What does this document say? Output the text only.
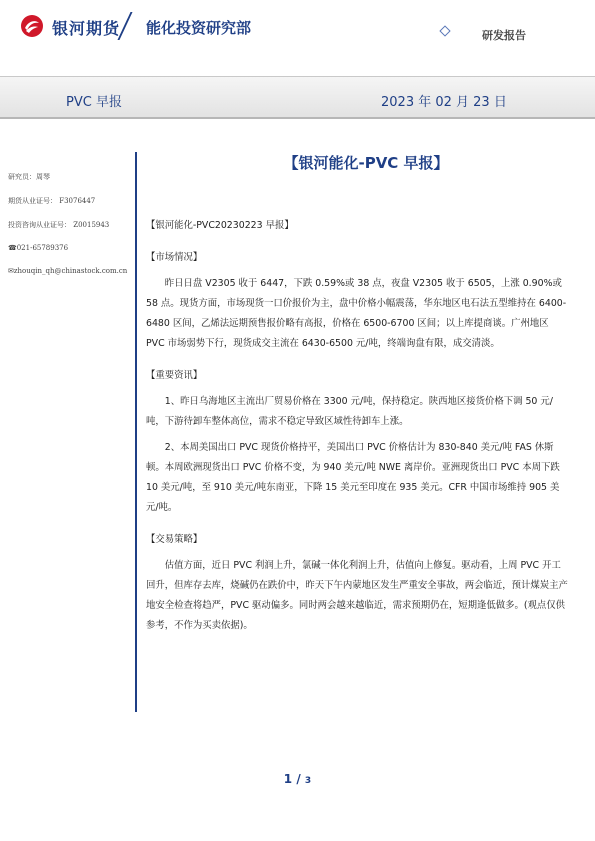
银河期货 能化投资研究部	研发报告
PVC 早报	2023 年 02 月 23 日
研究员：周琴
期货从业证号： F3076447
投资咨询从业证号： Z0015943
☎021-65789376
✉zhouqin_qh@chinastock.com.cn
【银河能化-PVC 早报】

【银河能化-PVC20230223 早报】

【市场情况】

昨日日盘 V2305 收于 6447，下跌 0.59%或 38 点，夜盘 V2305 收于 6505，上涨 0.90%或 58 点。现货方面，市场现货一口价报价为主，盘中价格小幅震荡，华东地区电石法五型维持在 6400-6480 区间，乙烯法远期预售报价略有高报，价格在 6500-6700 区间；以上库提商谈。广州地区 PVC 市场弱势下行，现货成交主流在 6430-6500 元/吨，终端询盘有限，成交清淡。

【重要资讯】

1、昨日乌海地区主流出厂贸易价格在 3300 元/吨，保持稳定。陕西地区接货价格下调 50 元/吨，下游待卸车整体高位，需求不稳定导致区域性待卸车上涨。

2、本周美国出口 PVC 现货价格持平，美国出口 PVC 价格估计为 830-840 美元/吨 FAS 休斯顿。本周欧洲现货出口 PVC 价格不变，为 940 美元/吨 NWE 离岸价。亚洲现货出口 PVC 本周下跌 10 美元/吨，至 910 美元/吨东南亚，下降 15 美元至印度在 935 美元。CFR 中国市场维持 905 美元/吨。

【交易策略】

估值方面，近日 PVC 利润上升，氯碱一体化利润上升，估值向上修复。驱动看，上周 PVC 开工回升，但库存去库，烧碱仍在跌价中，昨天下午内蒙地区发生严重安全事故，两会临近，预计煤炭主产地安全检查将趋严，PVC 驱动偏多。同时两会越来越临近，需求预期仍在，短期逢低做多。(观点仅供参考，不作为买卖依据)。

1 / 3
